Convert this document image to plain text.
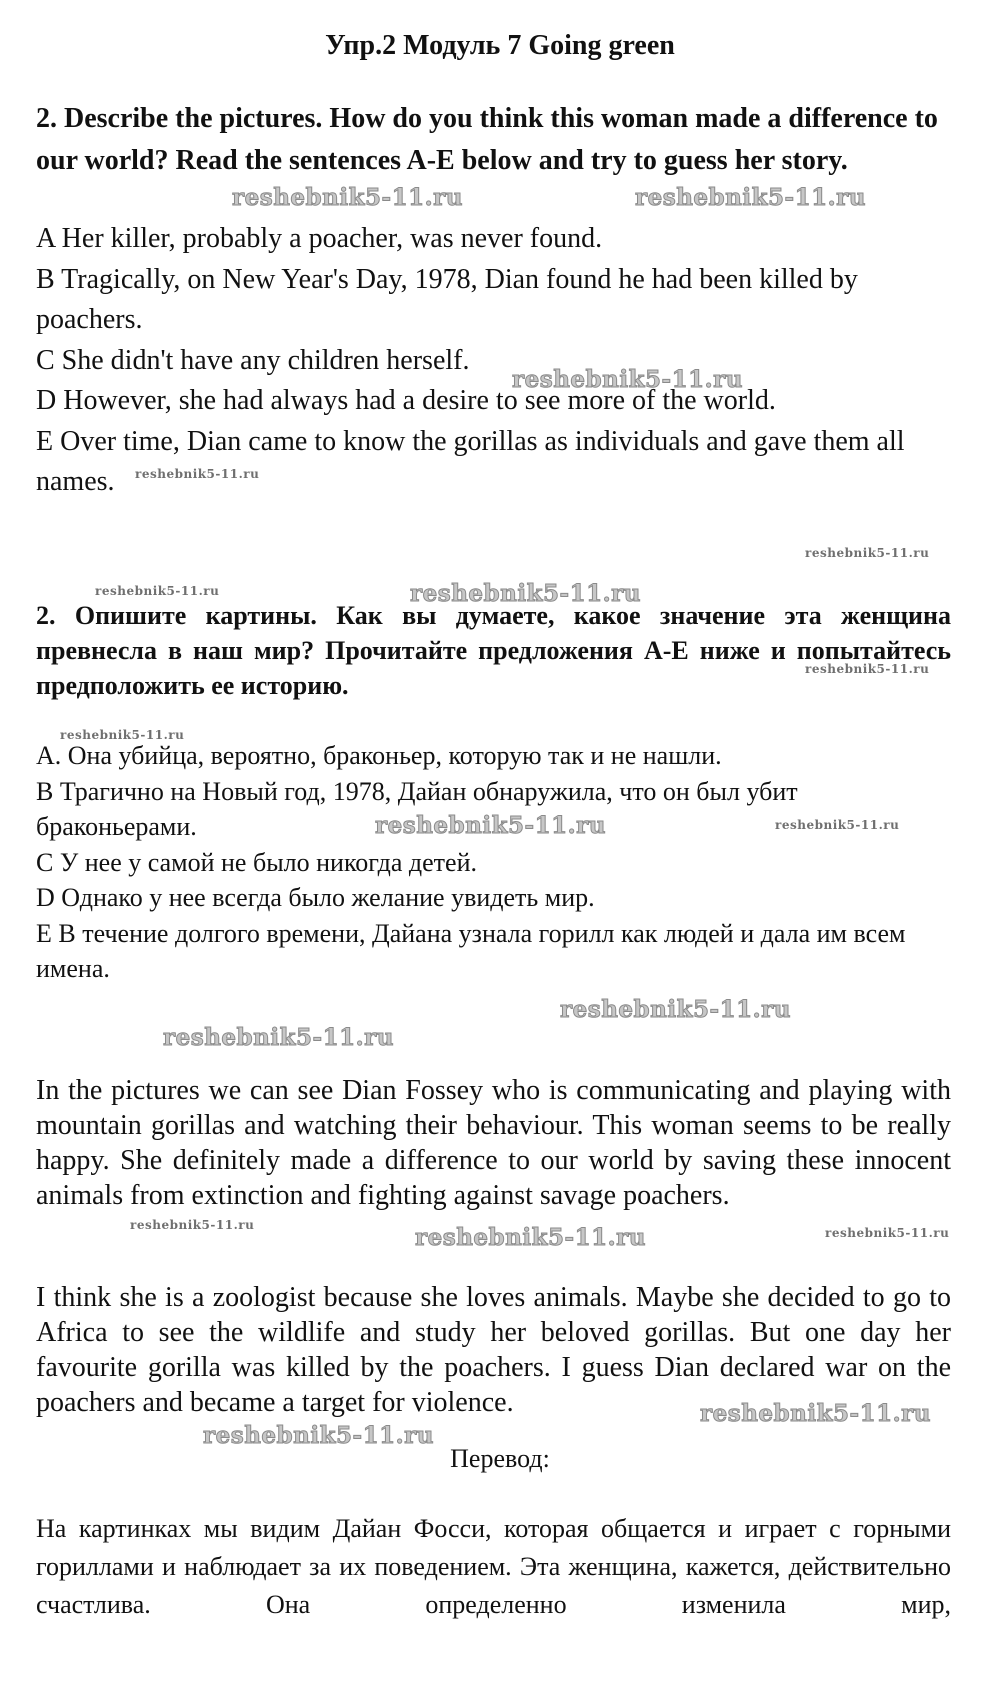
Упр.2 Модуль 7 Going green
2. Describe the pictures. How do you think this woman made a difference to our world? Read the sentences A-E below and try to guess her story.
A Her killer, probably a poacher, was never found.
B Tragically, on New Year's Day, 1978, Dian found he had been killed by poachers.
C She didn't have any children herself.
D However, she had always had a desire to see more of the world.
E Over time, Dian came to know the gorillas as individuals and gave them all names.
2. Опишите картины. Как вы думаете, какое значение эта женщина превнесла в наш мир? Прочитайте предложения А-Е ниже и попытайтесь предположить ее историю.
А. Она убийца, вероятно, браконьер, которую так и не нашли.
В Трагично на Новый год, 1978, Дайан обнаружила, что он был убит браконьерами.
С У нее у самой не было никогда детей.
D Однако у нее всегда было желание увидеть мир.
Е В течение долгого времени, Дайана узнала горилл как людей и дала им всем имена.
In the pictures we can see Dian Fossey who is communicating and playing with mountain gorillas and watching their behaviour. This woman seems to be really happy. She definitely made a difference to our world by saving these innocent animals from extinction and fighting against savage poachers.
I think she is a zoologist because she loves animals. Maybe she decided to go to Africa to see the wildlife and study her beloved gorillas. But one day her favourite gorilla was killed by the poachers. I guess Dian declared war on the poachers and became a target for violence.
Перевод:
На картинках мы видим Дайан Фосси, которая общается и играет с горными гориллами и наблюдает за их поведением. Эта женщина, кажется, действительно счастлива. Она определенно изменила мир,
reshebnik5-11.ru	reshebnik5-11.ru
reshebnik5-11.ru
reshebnik5-11.ru
reshebnik5-11.ru
reshebnik5-11.ru	reshebnik5-11.ru
reshebnik5-11.ru
reshebnik5-11.ru
reshebnik5-11.ru	reshebnik5-11.ru
reshebnik5-11.ru
reshebnik5-11.ru
reshebnik5-11.ru	reshebnik5-11.ru	reshebnik5-11.ru
reshebnik5-11.ru
reshebnik5-11.ru
